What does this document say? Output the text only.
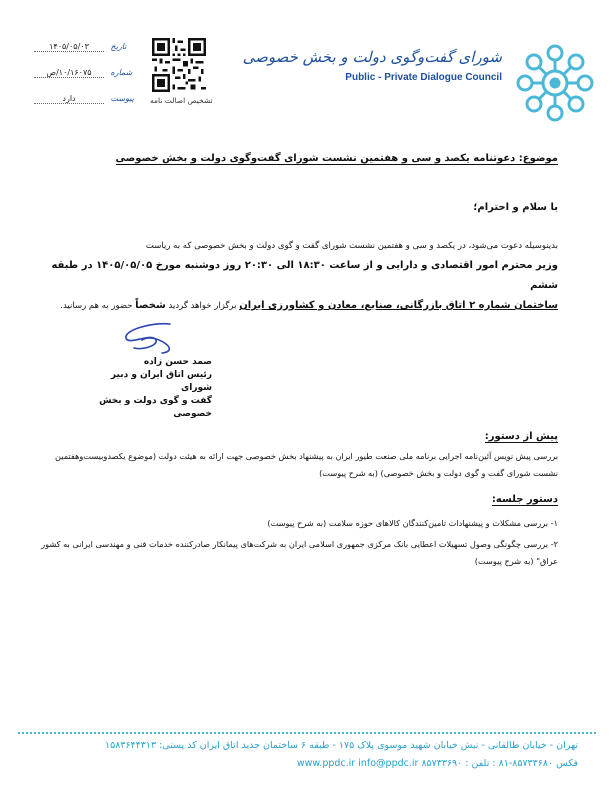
شورای گفت‌وگوی دولت و بخش خصوصی
Public - Private Dialogue Council
تاریخ ۱۴۰۵/۰۵/۰۳
شماره ۱۰/۱۶۰۷۵/ص
پیوست دارد	تشخیص اصالت نامه
موضوع: دعوتنامه یکصد و سی و هفتمین نشست شورای گفت‌وگوی دولت و بخش خصوصی
با سلام و احترام؛
بدینوسیله دعوت می‌شود، در یکصد و سی و هفتمین نشست شورای گفت و گوی دولت و بخش خصوصی که به ریاست
وزیر محترم امور اقتصادی و دارایی و از ساعت ۱۸:۳۰ الی ۲۰:۳۰ روز دوشنبه مورخ ۱۴۰۵/۰۵/۰۵ در طبقه ششم
ساختمان شماره ۲ اتاق بازرگانی، صنایع، معادن و کشاورزی ایران برگزار خواهد گردید شخصاً حضور به هم رسانید.
صمد حسن زاده
رئیس اتاق ایران و دبیر شورای
گفت و گوی دولت و بخش خصوصی
پیش از دستور:
بررسی پیش نویس آئین‌نامه اجرایی برنامه ملی صنعت طیور ایران به پیشنهاد بخش خصوصی جهت ارائه به هیئت دولت (موضوع یکصدوبیست‌وهفتمین نشست شورای گفت و گوی دولت و بخش خصوصی) (به شرح پیوست)
دستور جلسه:
۱- بررسی مشکلات و پیشنهادات تامین‌کنندگان کالاهای حوزه سلامت (به شرح پیوست)
۲- بررسی چگونگی وصول تسهیلات اعطایی بانک مرکزی جمهوری اسلامی ایران به شرکت‌های پیمانکار صادرکننده خدمات فنی و مهندسی ایرانی به کشور عراق" (به شرح پیوست)
تهران - خیابان طالقانی - نبش خیابان شهید موسوی پلاک ۱۷۵ - طبقه ۶ ساختمان جدید اتاق ایران کد پستی: ۱۵۸۳۶۴۴۳۱۳
www.ppdc.ir info@ppdc.ir ۸۵۷۳۳۶۹۰ : فکس ۸۵۷۳۳۶۸۰-۸۱ : تلفن
